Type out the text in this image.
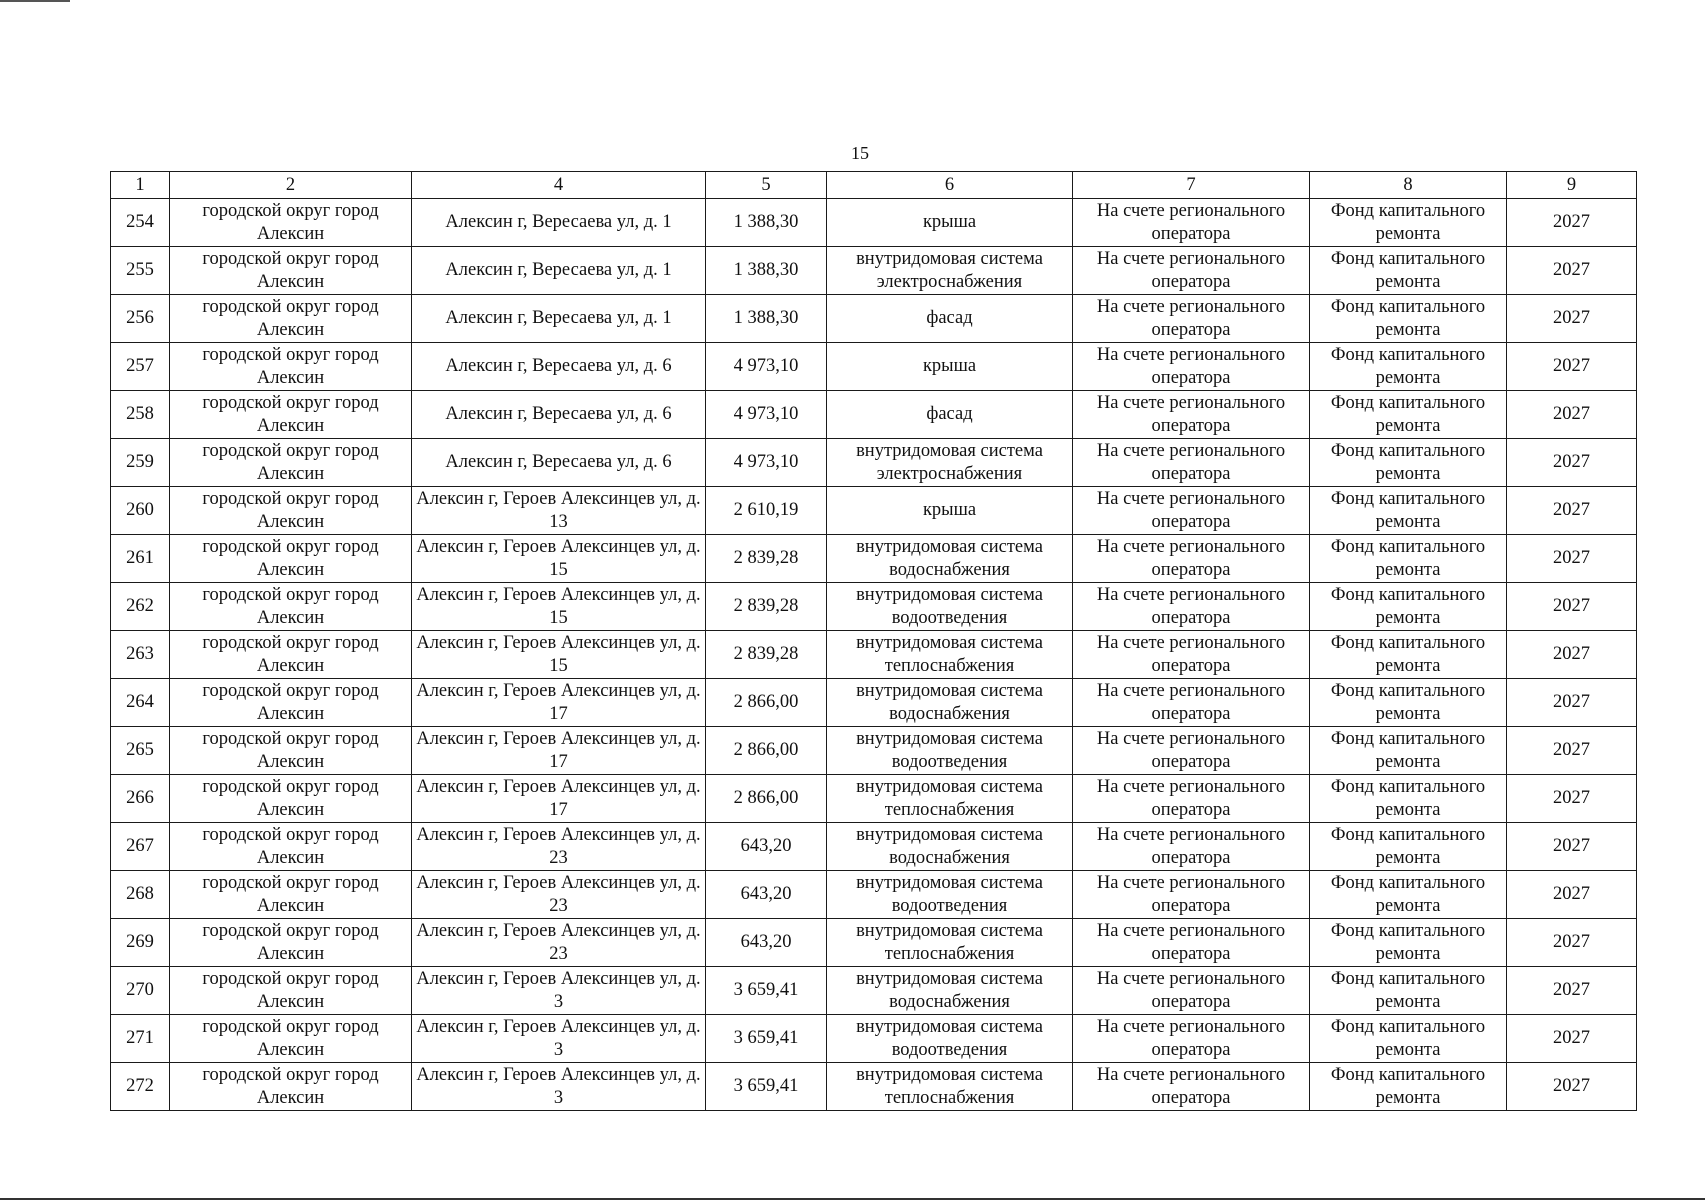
15
1	2	4	5	6	7	8	9
254	городской округ город Алексин	Алексин г, Вересаева ул, д. 1	1 388,30	крыша	На счете регионального оператора	Фонд капитального ремонта	2027
255	городской округ город Алексин	Алексин г, Вересаева ул, д. 1	1 388,30	внутридомовая система электроснабжения	На счете регионального оператора	Фонд капитального ремонта	2027
256	городской округ город Алексин	Алексин г, Вересаева ул, д. 1	1 388,30	фасад	На счете регионального оператора	Фонд капитального ремонта	2027
257	городской округ город Алексин	Алексин г, Вересаева ул, д. 6	4 973,10	крыша	На счете регионального оператора	Фонд капитального ремонта	2027
258	городской округ город Алексин	Алексин г, Вересаева ул, д. 6	4 973,10	фасад	На счете регионального оператора	Фонд капитального ремонта	2027
259	городской округ город Алексин	Алексин г, Вересаева ул, д. 6	4 973,10	внутридомовая система электроснабжения	На счете регионального оператора	Фонд капитального ремонта	2027
260	городской округ город Алексин	Алексин г, Героев Алексинцев ул, д. 13	2 610,19	крыша	На счете регионального оператора	Фонд капитального ремонта	2027
261	городской округ город Алексин	Алексин г, Героев Алексинцев ул, д. 15	2 839,28	внутридомовая система водоснабжения	На счете регионального оператора	Фонд капитального ремонта	2027
262	городской округ город Алексин	Алексин г, Героев Алексинцев ул, д. 15	2 839,28	внутридомовая система водоотведения	На счете регионального оператора	Фонд капитального ремонта	2027
263	городской округ город Алексин	Алексин г, Героев Алексинцев ул, д. 15	2 839,28	внутридомовая система теплоснабжения	На счете регионального оператора	Фонд капитального ремонта	2027
264	городской округ город Алексин	Алексин г, Героев Алексинцев ул, д. 17	2 866,00	внутридомовая система водоснабжения	На счете регионального оператора	Фонд капитального ремонта	2027
265	городской округ город Алексин	Алексин г, Героев Алексинцев ул, д. 17	2 866,00	внутридомовая система водоотведения	На счете регионального оператора	Фонд капитального ремонта	2027
266	городской округ город Алексин	Алексин г, Героев Алексинцев ул, д. 17	2 866,00	внутридомовая система теплоснабжения	На счете регионального оператора	Фонд капитального ремонта	2027
267	городской округ город Алексин	Алексин г, Героев Алексинцев ул, д. 23	643,20	внутридомовая система водоснабжения	На счете регионального оператора	Фонд капитального ремонта	2027
268	городской округ город Алексин	Алексин г, Героев Алексинцев ул, д. 23	643,20	внутридомовая система водоотведения	На счете регионального оператора	Фонд капитального ремонта	2027
269	городской округ город Алексин	Алексин г, Героев Алексинцев ул, д. 23	643,20	внутридомовая система теплоснабжения	На счете регионального оператора	Фонд капитального ремонта	2027
270	городской округ город Алексин	Алексин г, Героев Алексинцев ул, д. 3	3 659,41	внутридомовая система водоснабжения	На счете регионального оператора	Фонд капитального ремонта	2027
271	городской округ город Алексин	Алексин г, Героев Алексинцев ул, д. 3	3 659,41	внутридомовая система водоотведения	На счете регионального оператора	Фонд капитального ремонта	2027
272	городской округ город Алексин	Алексин г, Героев Алексинцев ул, д. 3	3 659,41	внутридомовая система теплоснабжения	На счете регионального оператора	Фонд капитального ремонта	2027
